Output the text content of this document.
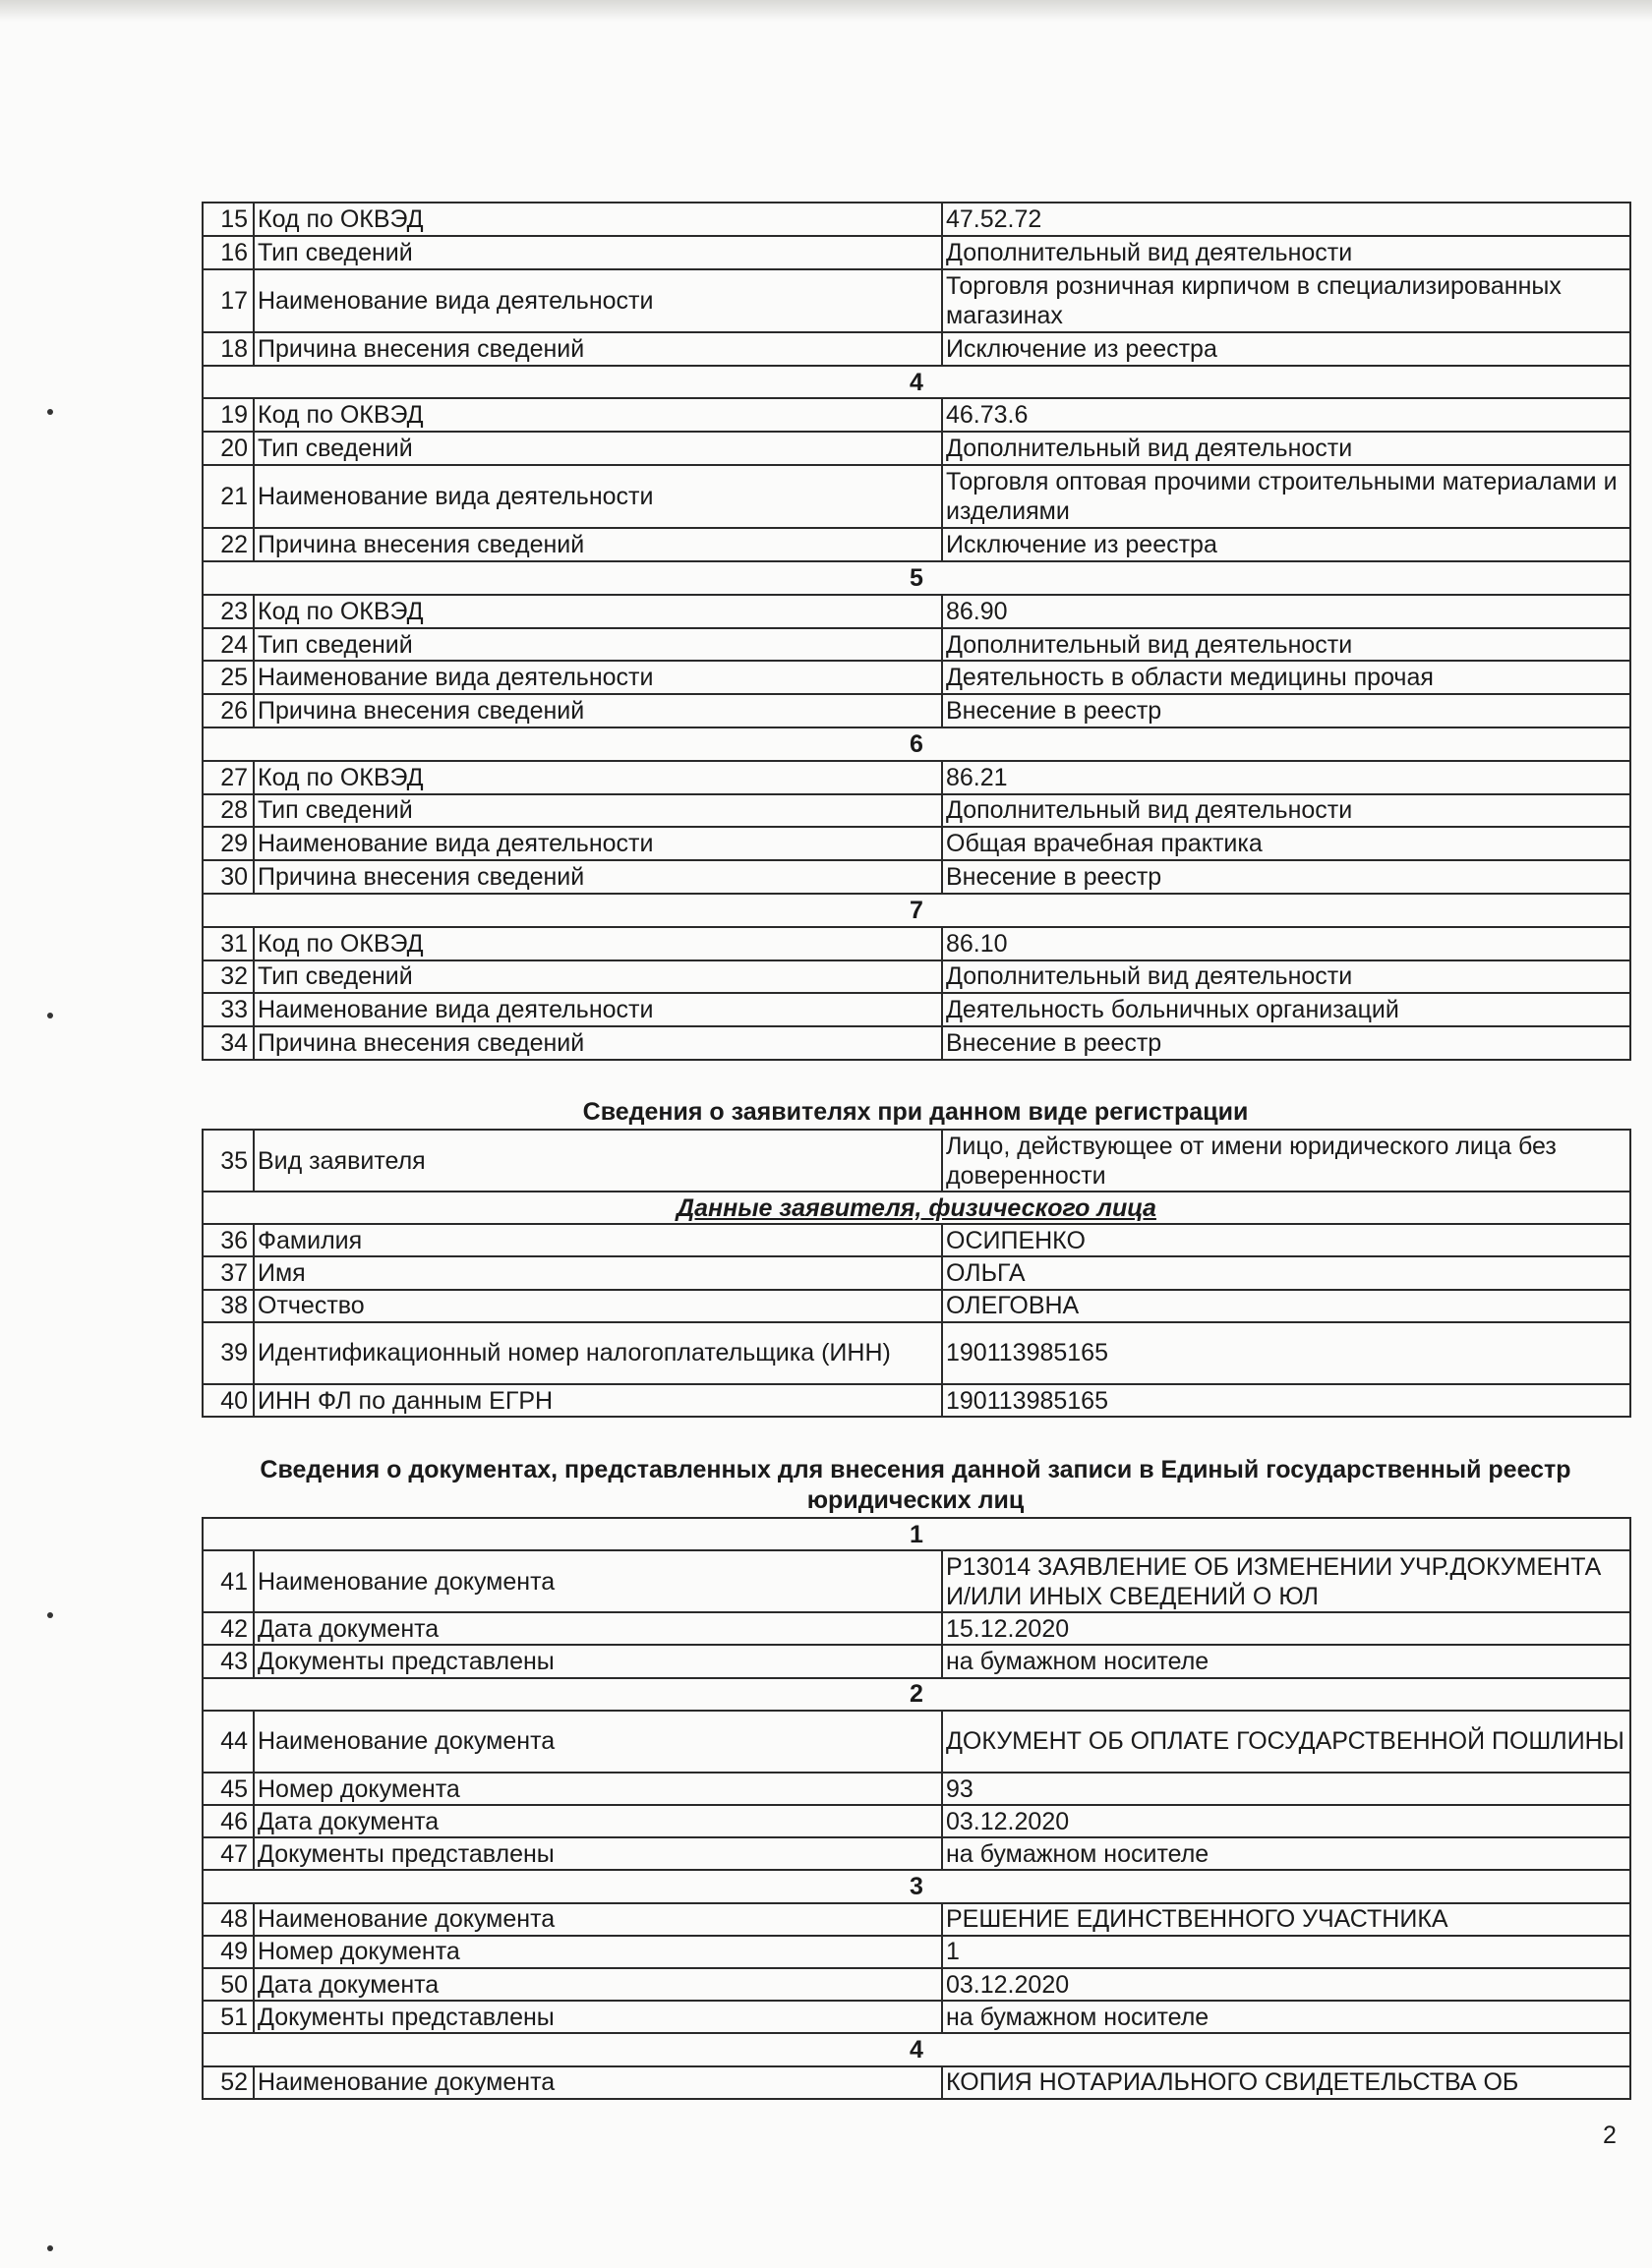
15	Код по ОКВЭД	47.52.72
16	Тип сведений	Дополнительный вид деятельности
17	Наименование вида деятельности	Торговля розничная кирпичом в специализированных магазинах
18	Причина внесения сведений	Исключение из реестра
4		
19	Код по ОКВЭД	46.73.6
20	Тип сведений	Дополнительный вид деятельности
21	Наименование вида деятельности	Торговля оптовая прочими строительными материалами и изделиями
22	Причина внесения сведений	Исключение из реестра
5		
23	Код по ОКВЭД	86.90
24	Тип сведений	Дополнительный вид деятельности
25	Наименование вида деятельности	Деятельность в области медицины прочая
26	Причина внесения сведений	Внесение в реестр
6		
27	Код по ОКВЭД	86.21
28	Тип сведений	Дополнительный вид деятельности
29	Наименование вида деятельности	Общая врачебная практика
30	Причина внесения сведений	Внесение в реестр
7		
31	Код по ОКВЭД	86.10
32	Тип сведений	Дополнительный вид деятельности
33	Наименование вида деятельности	Деятельность больничных организаций
34	Причина внесения сведений	Внесение в реестр
Сведения о заявителях при данном виде регистрации
35	Вид заявителя	Лицо, действующее от имени юридического лица без доверенности
Данные заявителя, физического лица		
36	Фамилия	ОСИПЕНКО
37	Имя	ОЛЬГА
38	Отчество	ОЛЕГОВНА
39	Идентификационный номер налогоплательщика (ИНН)	190113985165
40	ИНН ФЛ по данным ЕГРН	190113985165
Сведения о документах, представленных для внесения данной записи в Единый государственный реестр юридических лиц
1		
41	Наименование документа	Р13014 ЗАЯВЛЕНИЕ ОБ ИЗМЕНЕНИИ УЧР.ДОКУМЕНТА И/ИЛИ ИНЫХ СВЕДЕНИЙ О ЮЛ
42	Дата документа	15.12.2020
43	Документы представлены	на бумажном носителе
2		
44	Наименование документа	ДОКУМЕНТ ОБ ОПЛАТЕ ГОСУДАРСТВЕННОЙ ПОШЛИНЫ
45	Номер документа	93
46	Дата документа	03.12.2020
47	Документы представлены	на бумажном носителе
3		
48	Наименование документа	РЕШЕНИЕ ЕДИНСТВЕННОГО УЧАСТНИКА
49	Номер документа	1
50	Дата документа	03.12.2020
51	Документы представлены	на бумажном носителе
4		
52	Наименование документа	КОПИЯ НОТАРИАЛЬНОГО СВИДЕТЕЛЬСТВА ОБ
2
